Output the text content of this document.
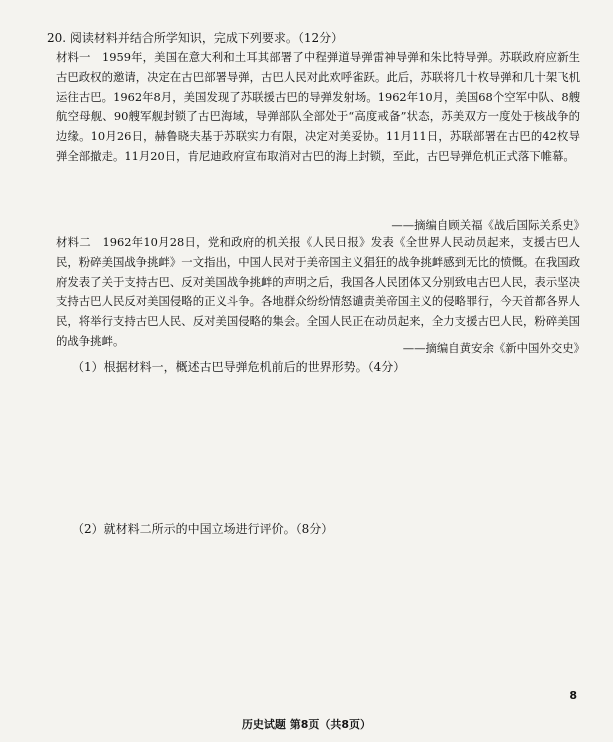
20. 阅读材料并结合所学知识，完成下列要求。（12分）
材料一　1959年，美国在意大利和土耳其部署了中程弹道导弹雷神导弹和朱比特导弹。苏联政府应新生古巴政权的邀请，决定在古巴部署导弹，古巴人民对此欢呼雀跃。此后，苏联将几十枚导弹和几十架飞机运往古巴。1962年8月，美国发现了苏联援古巴的导弹发射场。1962年10月，美国68个空军中队、8艘航空母舰、90艘军舰封锁了古巴海域，导弹部队全部处于“高度戒备”状态，苏美双方一度处于核战争的边缘。10月26日，赫鲁晓夫基于苏联实力有限，决定对美妥协。11月11日，苏联部署在古巴的42枚导弹全部撤走。11月20日，肯尼迪政府宣布取消对古巴的海上封锁，至此，古巴导弹危机正式落下帷幕。
——摘编自顾关福《战后国际关系史》
材料二　1962年10月28日，党和政府的机关报《人民日报》发表《全世界人民动员起来，支援古巴人民，粉碎美国战争挑衅》一文指出，中国人民对于美帝国主义猖狂的战争挑衅感到无比的愤慨。在我国政府发表了关于支持古巴、反对美国战争挑衅的声明之后，我国各人民团体又分别致电古巴人民，表示坚决支持古巴人民反对美国侵略的正义斗争。各地群众纷纷情怒谴责美帝国主义的侵略罪行，今天首都各界人民，将举行支持古巴人民、反对美国侵略的集会。全国人民正在动员起来，全力支援古巴人民，粉碎美国的战争挑衅。
——摘编自黄安余《新中国外交史》
（1）根据材料一，概述古巴导弹危机前后的世界形势。（4分）
（2）就材料二所示的中国立场进行评价。（8分）
8
历史试题 第8页（共8页）
